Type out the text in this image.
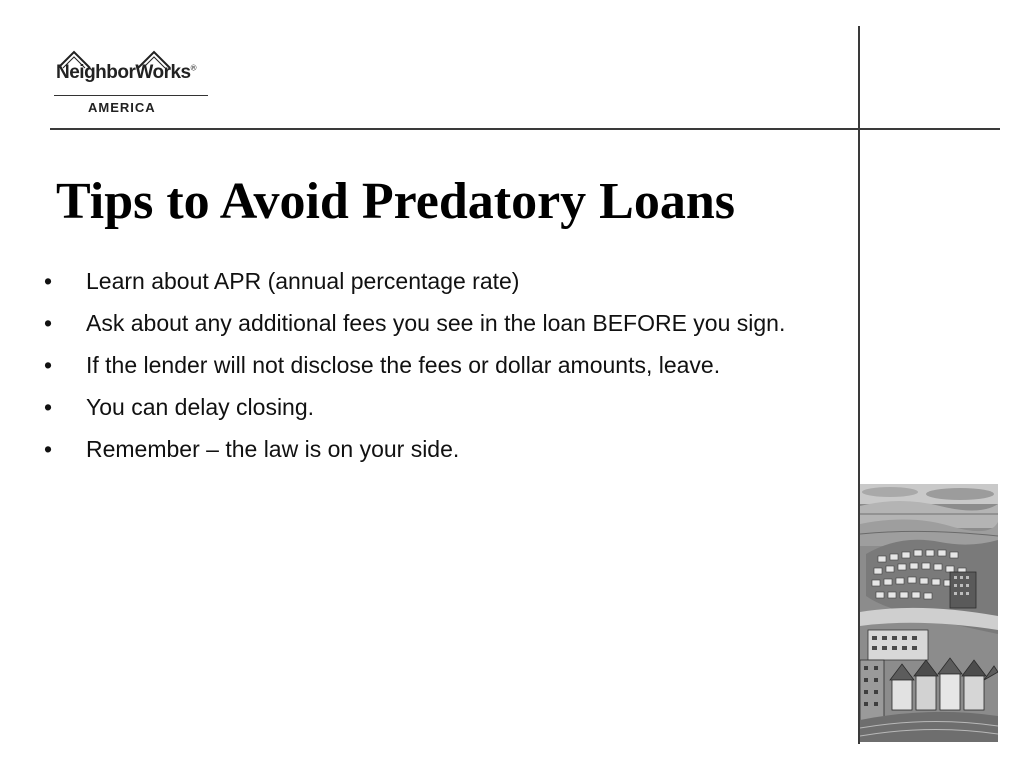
NeighborWorks®
AMERICA
Tips to Avoid Predatory Loans
•	Learn about APR (annual percentage rate)
•	Ask about any additional fees you see in the loan BEFORE you sign.
•	If the lender will not disclose the fees or dollar amounts, leave.
•	You can delay closing.
•	Remember – the law is on your side.
